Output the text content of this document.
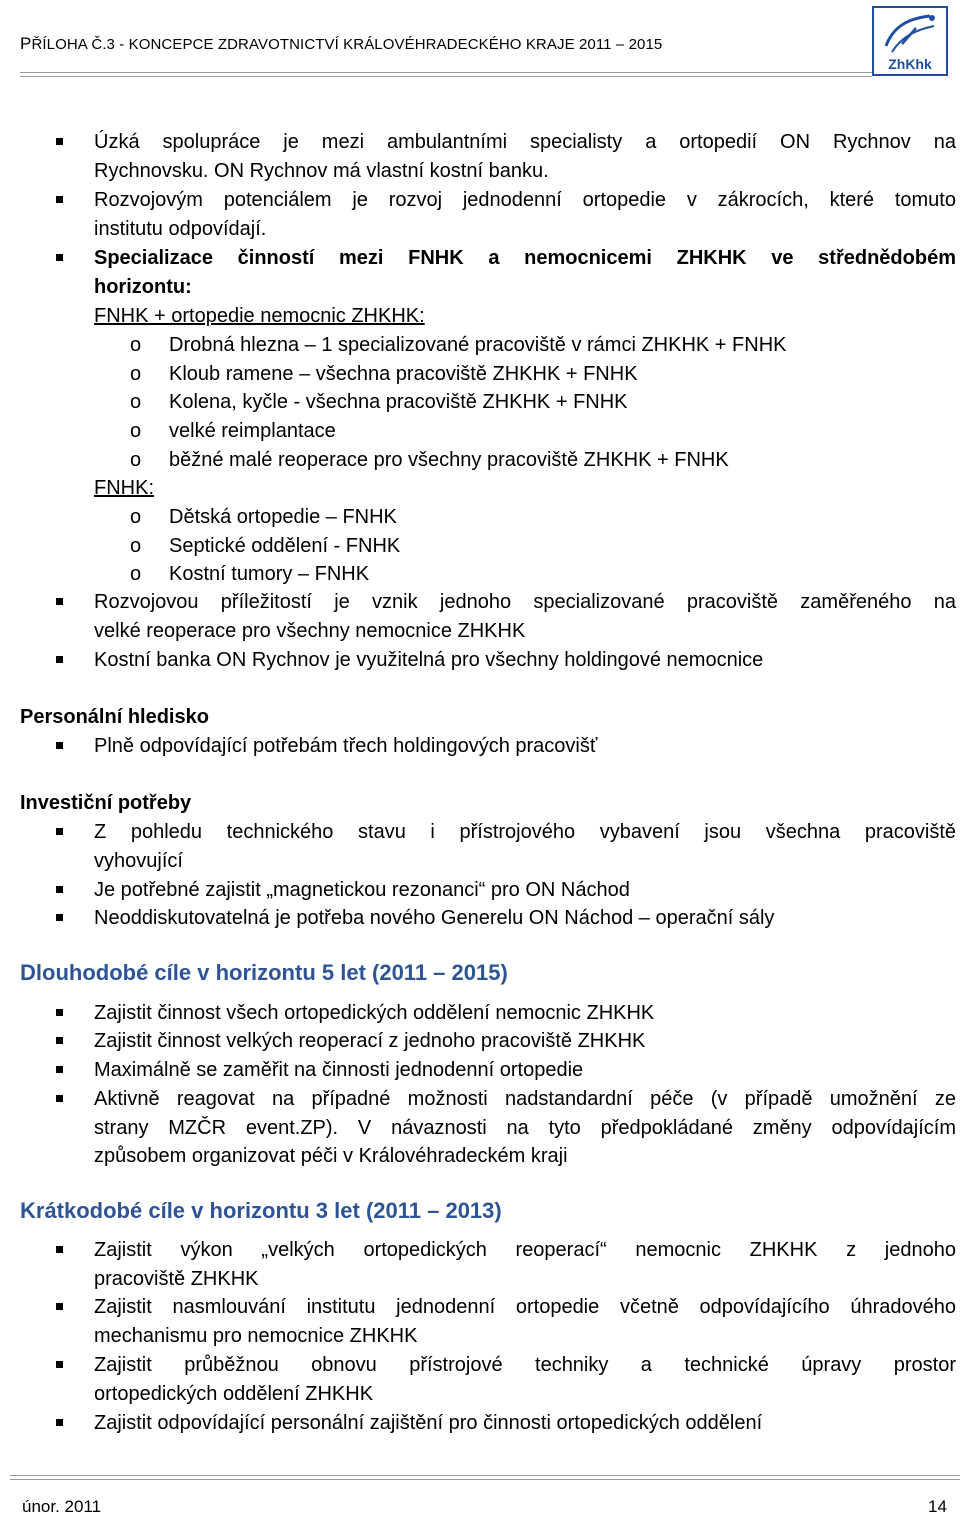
PŘÍLOHA Č.3 - KONCEPCE ZDRAVOTNICTVÍ KRÁLOVÉHRADECKÉHO KRAJE 2011 – 2015
ZhKhk
Úzká spolupráce je mezi ambulantními specialisty a ortopedií ON Rychnov na
Rychnovsku. ON Rychnov má vlastní kostní banku.
Rozvojovým potenciálem je rozvoj jednodenní ortopedie v zákrocích, které tomuto
institutu odpovídají.
Specializace činností mezi FNHK a nemocnicemi ZHKHK ve střednědobém
horizontu:
FNHK + ortopedie nemocnic ZHKHK:
o Drobná hlezna – 1 specializované pracoviště v rámci ZHKHK + FNHK
o Kloub ramene – všechna pracoviště ZHKHK + FNHK
o Kolena, kyčle - všechna pracoviště ZHKHK + FNHK
o velké reimplantace
o běžné malé reoperace pro všechny pracoviště ZHKHK + FNHK
FNHK:
o Dětská ortopedie – FNHK
o Septické oddělení - FNHK
o Kostní tumory – FNHK
Rozvojovou příležitostí je vznik jednoho specializované pracoviště zaměřeného na
velké reoperace pro všechny nemocnice ZHKHK
Kostní banka ON Rychnov je využitelná pro všechny holdingové nemocnice
Personální hledisko
Plně odpovídající potřebám třech holdingových pracovišť
Investiční potřeby
Z pohledu technického stavu i přístrojového vybavení jsou všechna pracoviště
vyhovující
Je potřebné zajistit „magnetickou rezonanci“ pro ON Náchod
Neoddiskutovatelná je potřeba nového Generelu ON Náchod – operační sály
Dlouhodobé cíle v horizontu 5 let (2011 – 2015)
Zajistit činnost všech ortopedických oddělení nemocnic ZHKHK
Zajistit činnost velkých reoperací z jednoho pracoviště ZHKHK
Maximálně se zaměřit na činnosti jednodenní ortopedie
Aktivně reagovat na případné možnosti nadstandardní péče (v případě umožnění ze
strany MZČR event.ZP). V návaznosti na tyto předpokládané změny odpovídajícím
způsobem organizovat péči v Královéhradeckém kraji
Krátkodobé cíle v horizontu 3 let (2011 – 2013)
Zajistit výkon „velkých ortopedických reoperací“ nemocnic ZHKHK z jednoho
pracoviště ZHKHK
Zajistit nasmlouvání institutu jednodenní ortopedie včetně odpovídajícího úhradového
mechanismu pro nemocnice ZHKHK
Zajistit průběžnou obnovu přístrojové techniky a technické úpravy prostor
ortopedických oddělení ZHKHK
Zajistit odpovídající personální zajištění pro činnosti ortopedických oddělení
únor. 2011	14
